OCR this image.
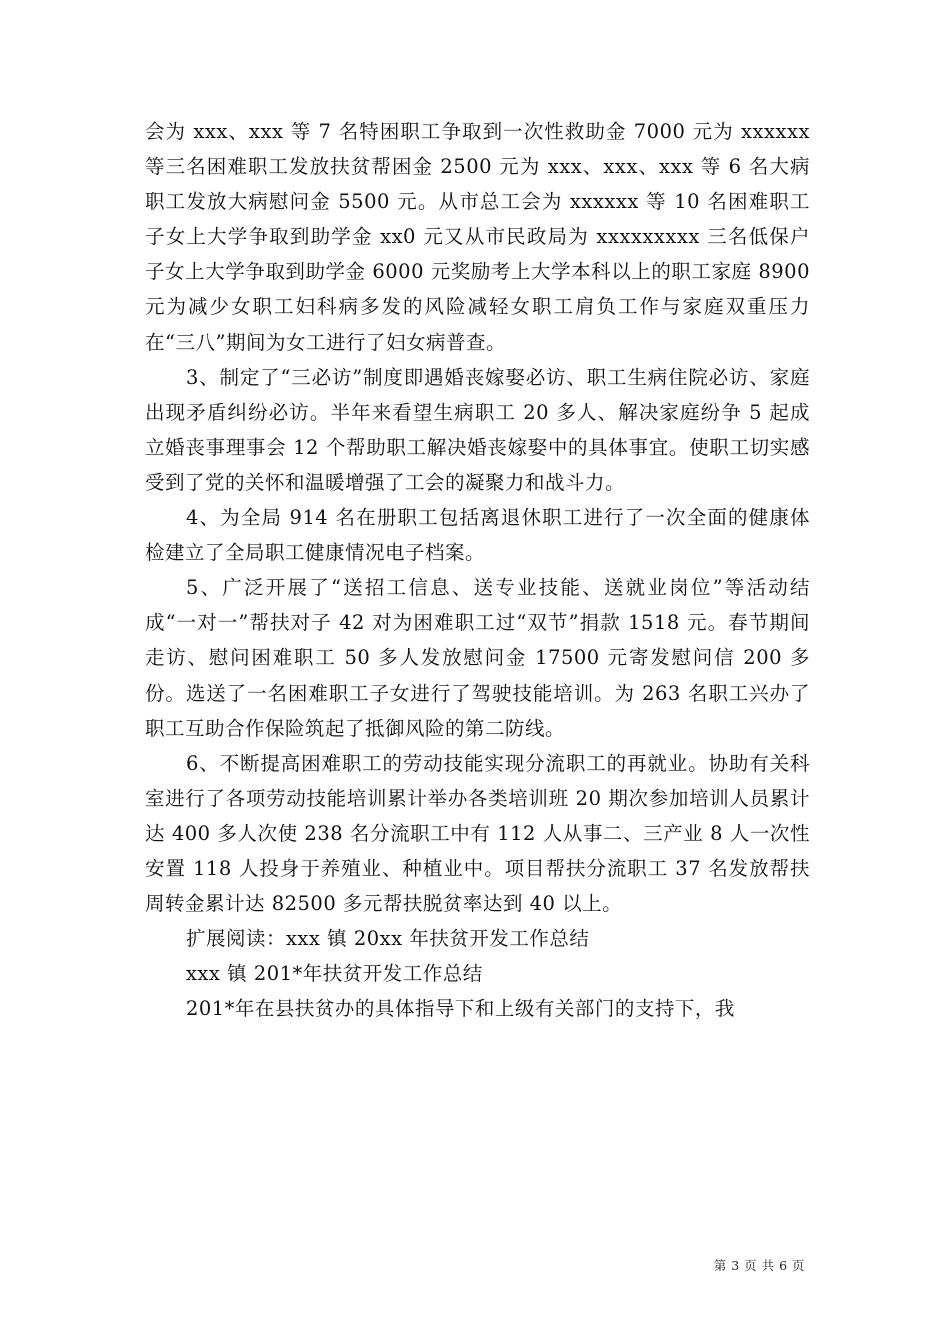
会为 xxx、xxx 等 7 名特困职工争取到一次性救助金 7000 元为 xxxxxx 等三名困难职工发放扶贫帮困金 2500 元为 xxx、xxx、xxx 等 6 名大病职工发放大病慰问金 5500 元。从市总工会为 xxxxxx 等 10 名困难职工子女上大学争取到助学金 xx0 元又从市民政局为 xxxxxxxxx 三名低保户子女上大学争取到助学金 6000 元奖励考上大学本科以上的职工家庭 8900 元为减少女职工妇科病多发的风险减轻女职工肩负工作与家庭双重压力在“三八”期间为女工进行了妇女病普查。

3、制定了“三必访”制度即遇婚丧嫁娶必访、职工生病住院必访、家庭出现矛盾纠纷必访。半年来看望生病职工 20 多人、解决家庭纷争 5 起成立婚丧事理事会 12 个帮助职工解决婚丧嫁娶中的具体事宜。使职工切实感受到了党的关怀和温暖增强了工会的凝聚力和战斗力。

4、为全局 914 名在册职工包括离退休职工进行了一次全面的健康体检建立了全局职工健康情况电子档案。

5、广泛开展了“送招工信息、送专业技能、送就业岗位”等活动结成“一对一”帮扶对子 42 对为困难职工过“双节”捐款 1518 元。春节期间走访、慰问困难职工 50 多人发放慰问金 17500 元寄发慰问信 200 多份。选送了一名困难职工子女进行了驾驶技能培训。为 263 名职工兴办了职工互助合作保险筑起了抵御风险的第二防线。

6、不断提高困难职工的劳动技能实现分流职工的再就业。协助有关科室进行了各项劳动技能培训累计举办各类培训班 20 期次参加培训人员累计达 400 多人次使 238 名分流职工中有 112 人从事二、三产业 8 人一次性安置 118 人投身于养殖业、种植业中。项目帮扶分流职工 37 名发放帮扶周转金累计达 82500 多元帮扶脱贫率达到 40 以上。

扩展阅读：xxx 镇 20xx 年扶贫开发工作总结

xxx 镇 201*年扶贫开发工作总结

201*年在县扶贫办的具体指导下和上级有关部门的支持下，我

第 3 页 共 6 页
